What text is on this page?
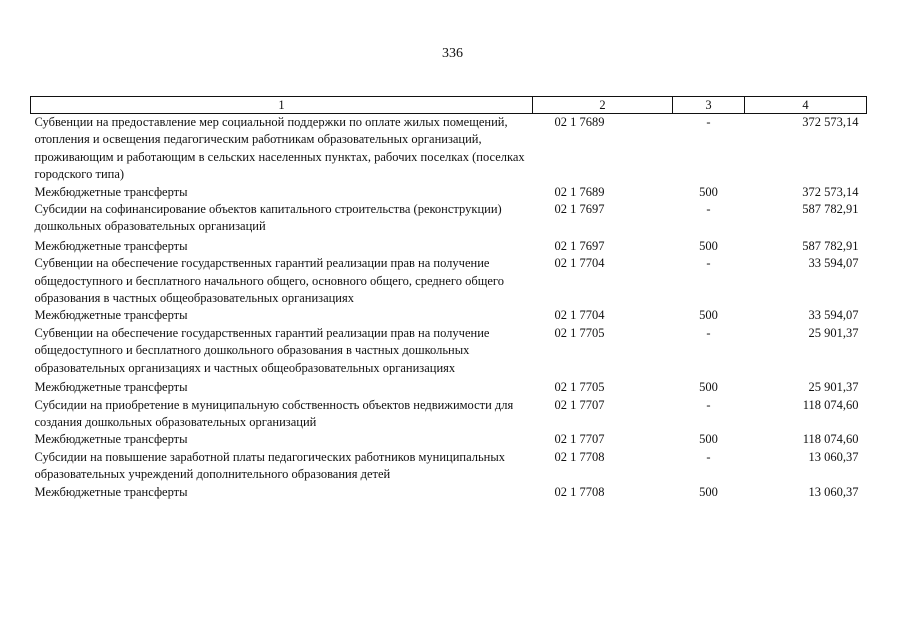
336
1	2	3	4
Субвенции на предоставление мер социальной поддержки по оплате жилых помещений, отопления и освещения педагогическим работникам образовательных организаций, проживающим и работающим в сельских населенных пунктах, рабочих поселках (поселках городского типа)	02 1 7689	-	372 573,14
Межбюджетные трансферты	02 1 7689	500	372 573,14
Субсидии на софинансирование объектов капитального строительства (реконструкции) дошкольных образовательных организаций	02 1 7697	-	587 782,91
Межбюджетные трансферты	02 1 7697	500	587 782,91
Субвенции на обеспечение государственных гарантий реализации прав на получение общедоступного и бесплатного начального общего, основного общего, среднего общего образования в частных общеобразовательных организациях	02 1 7704	-	33 594,07
Межбюджетные трансферты	02 1 7704	500	33 594,07
Субвенции на обеспечение государственных гарантий реализации прав на получение общедоступного и бесплатного дошкольного образования в частных дошкольных образовательных организациях и частных общеобразовательных организациях	02 1 7705	-	25 901,37
Межбюджетные трансферты	02 1 7705	500	25 901,37
Субсидии на приобретение в муниципальную собственность объектов недвижимости для создания дошкольных образовательных организаций	02 1 7707	-	118 074,60
Межбюджетные трансферты	02 1 7707	500	118 074,60
Субсидии на повышение заработной платы педагогических работников муниципальных образовательных учреждений дополнительного образования детей	02 1 7708	-	13 060,37
Межбюджетные трансферты	02 1 7708	500	13 060,37
